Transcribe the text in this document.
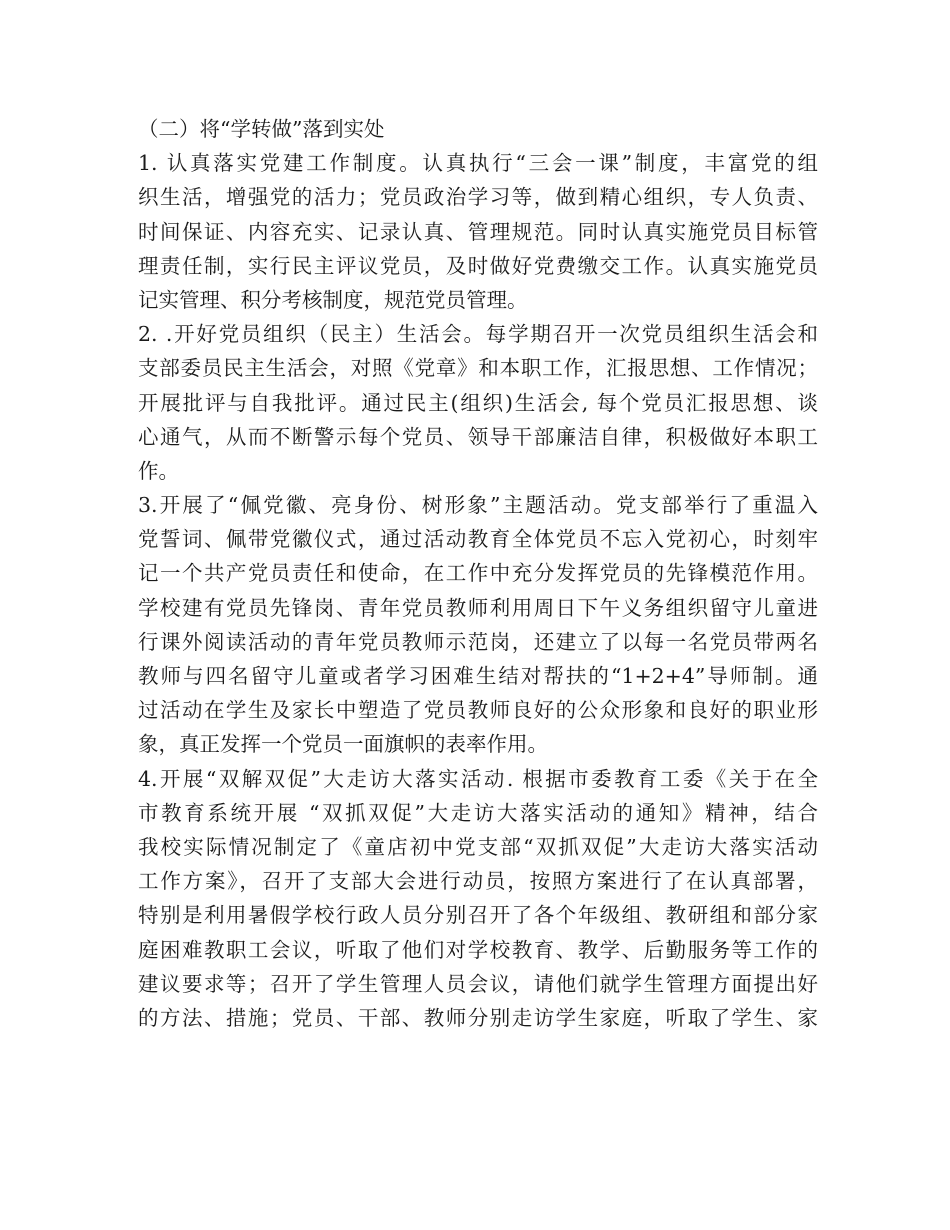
（二）将“学转做”落到实处
1. 认真落实党建工作制度。认真执行“三会一课”制度，丰富党的组
织生活，增强党的活力；党员政治学习等，做到精心组织，专人负责、
时间保证、内容充实、记录认真、管理规范。同时认真实施党员目标管
理责任制，实行民主评议党员，及时做好党费缴交工作。认真实施党员
记实管理、积分考核制度，规范党员管理。
2. .开好党员组织（民主）生活会。每学期召开一次党员组织生活会和
支部委员民主生活会，对照《党章》和本职工作，汇报思想、工作情况；
开展批评与自我批评。通过民主(组织)生活会, 每个党员汇报思想、谈
心通气，从而不断警示每个党员、领导干部廉洁自律，积极做好本职工
作。
3.开展了“佩党徽、亮身份、树形象”主题活动。党支部举行了重温入
党誓词、佩带党徽仪式，通过活动教育全体党员不忘入党初心，时刻牢
记一个共产党员责任和使命，在工作中充分发挥党员的先锋模范作用。
学校建有党员先锋岗、青年党员教师利用周日下午义务组织留守儿童进
行课外阅读活动的青年党员教师示范岗，还建立了以每一名党员带两名
教师与四名留守儿童或者学习困难生结对帮扶的“1+2+4”导师制。通
过活动在学生及家长中塑造了党员教师良好的公众形象和良好的职业形
象，真正发挥一个党员一面旗帜的表率作用。
4.开展“双解双促”大走访大落实活动. 根据市委教育工委《关于在全
市教育系统开展 “双抓双促”大走访大落实活动的通知》精神，结合
我校实际情况制定了《童店初中党支部“双抓双促”大走访大落实活动
工作方案》，召开了支部大会进行动员，按照方案进行了在认真部署，
特别是利用暑假学校行政人员分别召开了各个年级组、教研组和部分家
庭困难教职工会议，听取了他们对学校教育、教学、后勤服务等工作的
建议要求等；召开了学生管理人员会议，请他们就学生管理方面提出好
的方法、措施；党员、干部、教师分别走访学生家庭，听取了学生、家
